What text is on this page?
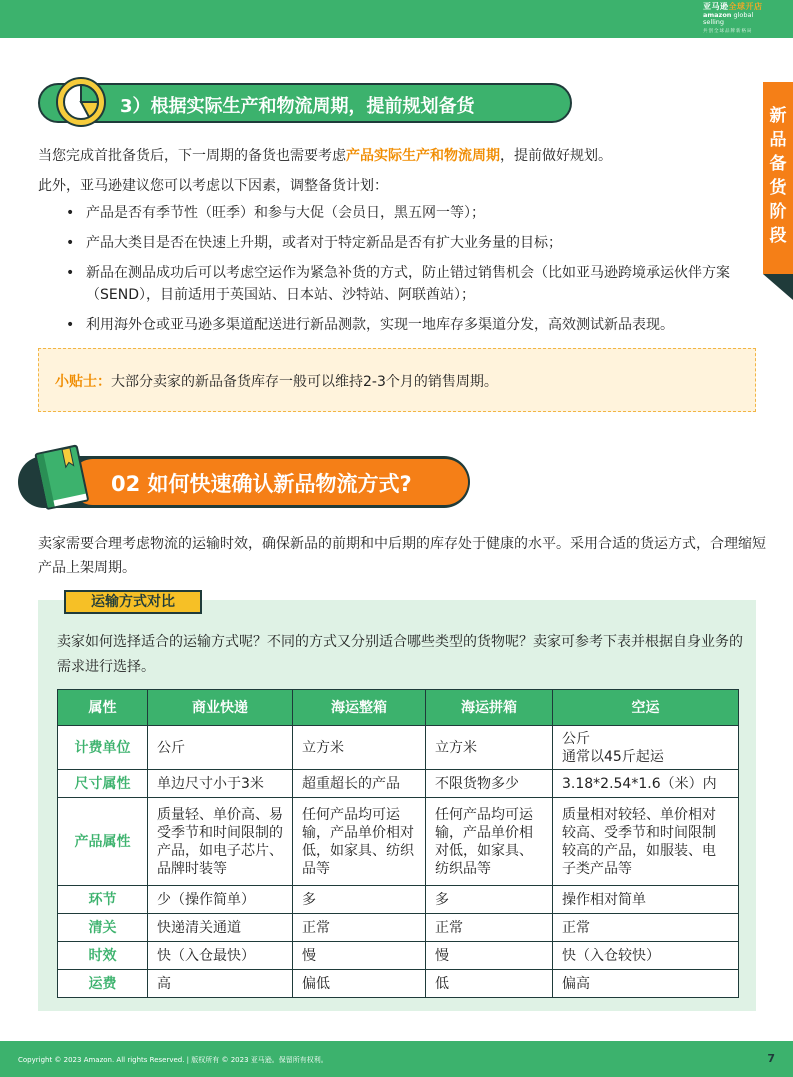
亚马逊全球开店
amazon global selling
共创全球品牌新格局
新
品
备
货
阶
段
3）根据实际生产和物流周期，提前规划备货
当您完成首批备货后，下一周期的备货也需要考虑产品实际生产和物流周期，提前做好规划。
此外，亚马逊建议您可以考虑以下因素，调整备货计划：
• 产品是否有季节性（旺季）和参与大促（会员日，黑五网一等）；
• 产品大类目是否在快速上升期，或者对于特定新品是否有扩大业务量的目标；
• 新品在测品成功后可以考虑空运作为紧急补货的方式，防止错过销售机会（比如亚马逊跨境承运伙伴方案（SEND），目前适用于英国站、日本站、沙特站、阿联酋站）；
• 利用海外仓或亚马逊多渠道配送进行新品测款，实现一地库存多渠道分发，高效测试新品表现。
小贴士：大部分卖家的新品备货库存一般可以维持2-3个月的销售周期。
02 如何快速确认新品物流方式?
卖家需要合理考虑物流的运输时效，确保新品的前期和中后期的库存处于健康的水平。采用合适的货运方式，合理缩短产品上架周期。
运输方式对比
卖家如何选择适合的运输方式呢？不同的方式又分别适合哪些类型的货物呢？卖家可参考下表并根据自身业务的需求进行选择。
属性	商业快递	海运整箱	海运拼箱	空运
计费单位	公斤	立方米	立方米	公斤
通常以45斤起运
尺寸属性	单边尺寸小于3米	超重超长的产品	不限货物多少	3.18*2.54*1.6（米）内
产品属性	质量轻、单价高、易受季节和时间限制的产品，如电子芯片、品牌时装等	任何产品均可运输，产品单价相对低，如家具、纺织品等	任何产品均可运输，产品单价相对低，如家具、纺织品等	质量相对较轻、单价相对较高、受季节和时间限制较高的产品，如服装、电子类产品等
环节	少（操作简单）	多	多	操作相对简单
清关	快递清关通道	正常	正常	正常
时效	快（入仓最快）	慢	慢	快（入仓较快）
运费	高	偏低	低	偏高
Copyright © 2023 Amazon. All rights Reserved. | 版权所有 © 2023 亚马逊。保留所有权利。	7
